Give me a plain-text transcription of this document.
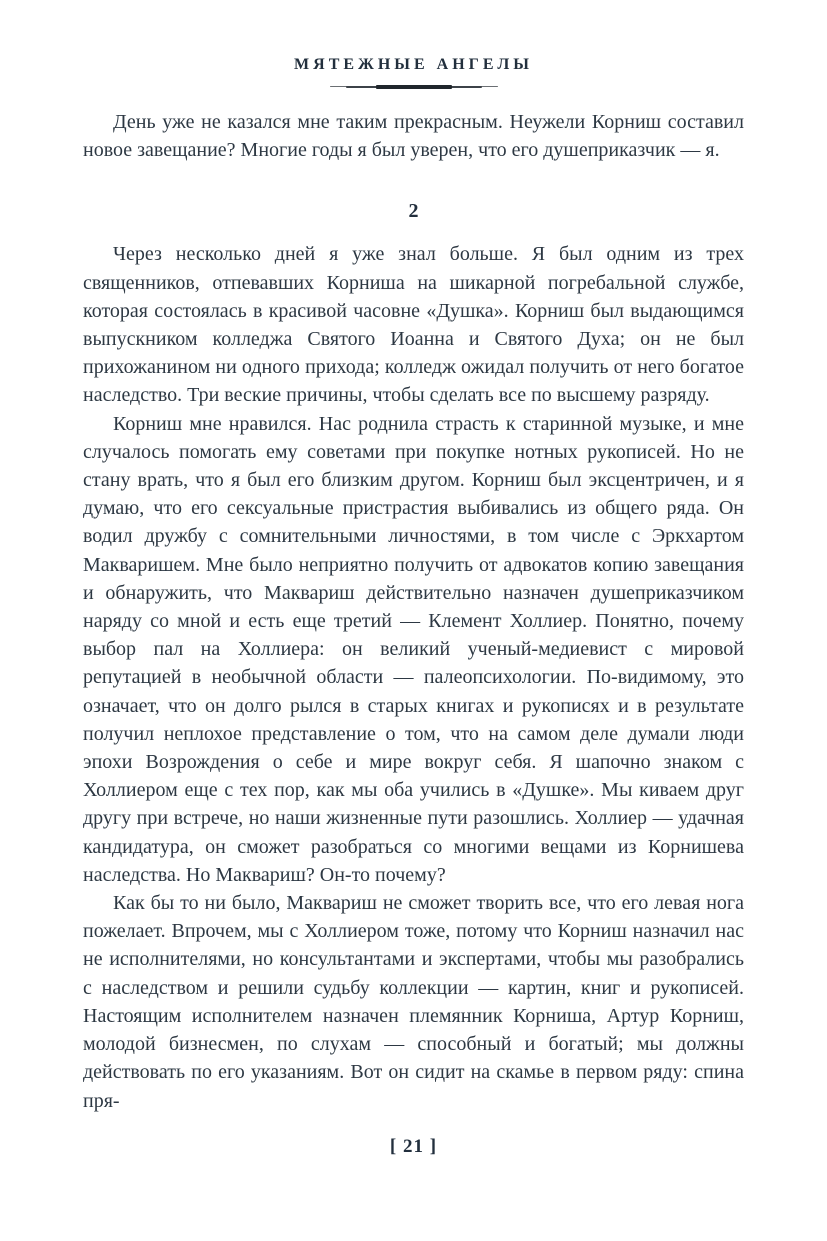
МЯТЕЖНЫЕ АНГЕЛЫ

День уже не казался мне таким прекрасным. Неужели Корниш составил новое завещание? Многие годы я был уверен, что его душеприказчик — я.

2

Через несколько дней я уже знал больше. Я был одним из трех священников, отпевавших Корниша на шикарной погребальной службе, которая состоялась в красивой часовне «Душка». Корниш был выдающимся выпускником колледжа Святого Иоанна и Святого Духа; он не был прихожанином ни одного прихода; колледж ожидал получить от него богатое наследство. Три веские причины, чтобы сделать все по высшему разряду.

Корниш мне нравился. Нас роднила страсть к старинной музыке, и мне случалось помогать ему советами при покупке нотных рукописей. Но не стану врать, что я был его близким другом. Корниш был эксцентричен, и я думаю, что его сексуальные пристрастия выбивались из общего ряда. Он водил дружбу с сомнительными личностями, в том числе с Эркхартом Макваришем. Мне было неприятно получить от адвокатов копию завещания и обнаружить, что Маквариш действительно назначен душеприказчиком наряду со мной и есть еще третий — Клемент Холлиер. Понятно, почему выбор пал на Холлиера: он великий ученый-медиевист с мировой репутацией в необычной области — палеопсихологии. По-видимому, это означает, что он долго рылся в старых книгах и рукописях и в результате получил неплохое представление о том, что на самом деле думали люди эпохи Возрождения о себе и мире вокруг себя. Я шапочно знаком с Холлиером еще с тех пор, как мы оба учились в «Душке». Мы киваем друг другу при встрече, но наши жизненные пути разошлись. Холлиер — удачная кандидатура, он сможет разобраться со многими вещами из Корнишева наследства. Но Маквариш? Он-то почему?

Как бы то ни было, Маквариш не сможет творить все, что его левая нога пожелает. Впрочем, мы с Холлиером тоже, потому что Корниш назначил нас не исполнителями, но консультантами и экспертами, чтобы мы разобрались с наследством и решили судьбу коллекции — картин, книг и рукописей. Настоящим исполнителем назначен племянник Корниша, Артур Корниш, молодой бизнесмен, по слухам — способный и богатый; мы должны действовать по его указаниям. Вот он сидит на скамье в первом ряду: спина пря-

[ 21 ]
